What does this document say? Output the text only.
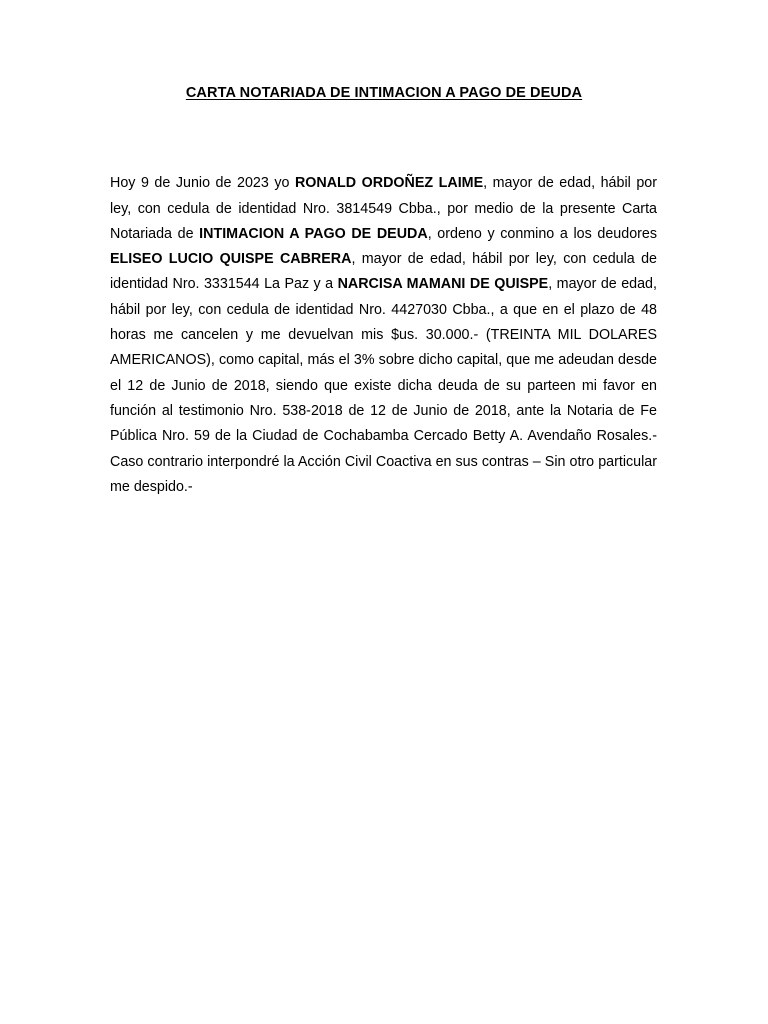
CARTA NOTARIADA DE INTIMACION A PAGO DE DEUDA

Hoy 9 de Junio de 2023 yo RONALD ORDOÑEZ LAIME, mayor de edad, hábil por ley, con cedula de identidad Nro. 3814549 Cbba., por medio de la presente Carta Notariada de INTIMACION A PAGO DE DEUDA, ordeno y conmino a los deudores ELISEO LUCIO QUISPE CABRERA, mayor de edad, hábil por ley, con cedula de identidad Nro. 3331544 La Paz y a NARCISA MAMANI DE QUISPE, mayor de edad, hábil por ley, con cedula de identidad Nro. 4427030 Cbba., a que en el plazo de 48 horas me cancelen y me devuelvan mis $us. 30.000.- (TREINTA MIL DOLARES AMERICANOS), como capital, más el 3% sobre dicho capital, que me adeudan desde el 12 de Junio de 2018, siendo que existe dicha deuda de su parteen mi favor en función al testimonio Nro. 538-2018 de 12 de Junio de 2018, ante la Notaria de Fe Pública Nro. 59 de la Ciudad de Cochabamba Cercado Betty A. Avendaño Rosales.- Caso contrario interpondré la Acción Civil Coactiva en sus contras – Sin otro particular me despido.-
